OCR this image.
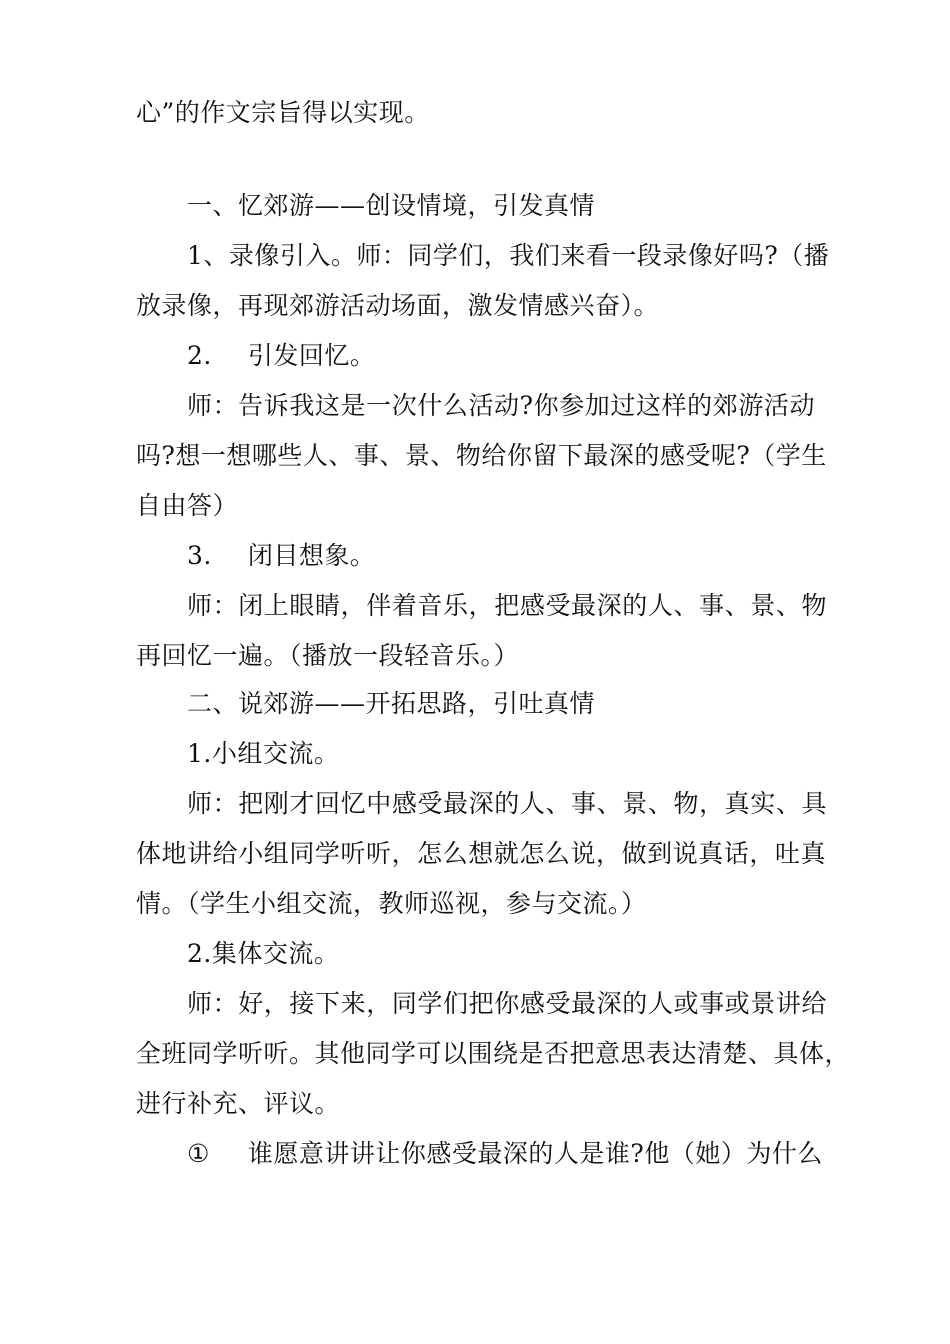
心”的作文宗旨得以实现。
一、忆郊游——创设情境，引发真情
1、录像引入。师：同学们，我们来看一段录像好吗?（播
放录像，再现郊游活动场面，激发情感兴奋）。
2. 引发回忆。
师：告诉我这是一次什么活动?你参加过这样的郊游活动
吗?想一想哪些人、事、景、物给你留下最深的感受呢?（学生
自由答）
3. 闭目想象。
师：闭上眼睛，伴着音乐，把感受最深的人、事、景、物
再回忆一遍。（播放一段轻音乐。）
二、说郊游——开拓思路，引吐真情
1.小组交流。
师：把刚才回忆中感受最深的人、事、景、物，真实、具
体地讲给小组同学听听，怎么想就怎么说，做到说真话，吐真
情。（学生小组交流，教师巡视，参与交流。）
2.集体交流。
师：好，接下来，同学们把你感受最深的人或事或景讲给
全班同学听听。其他同学可以围绕是否把意思表达清楚、具体，
进行补充、评议。
① 谁愿意讲讲让你感受最深的人是谁?他（她）为什么
